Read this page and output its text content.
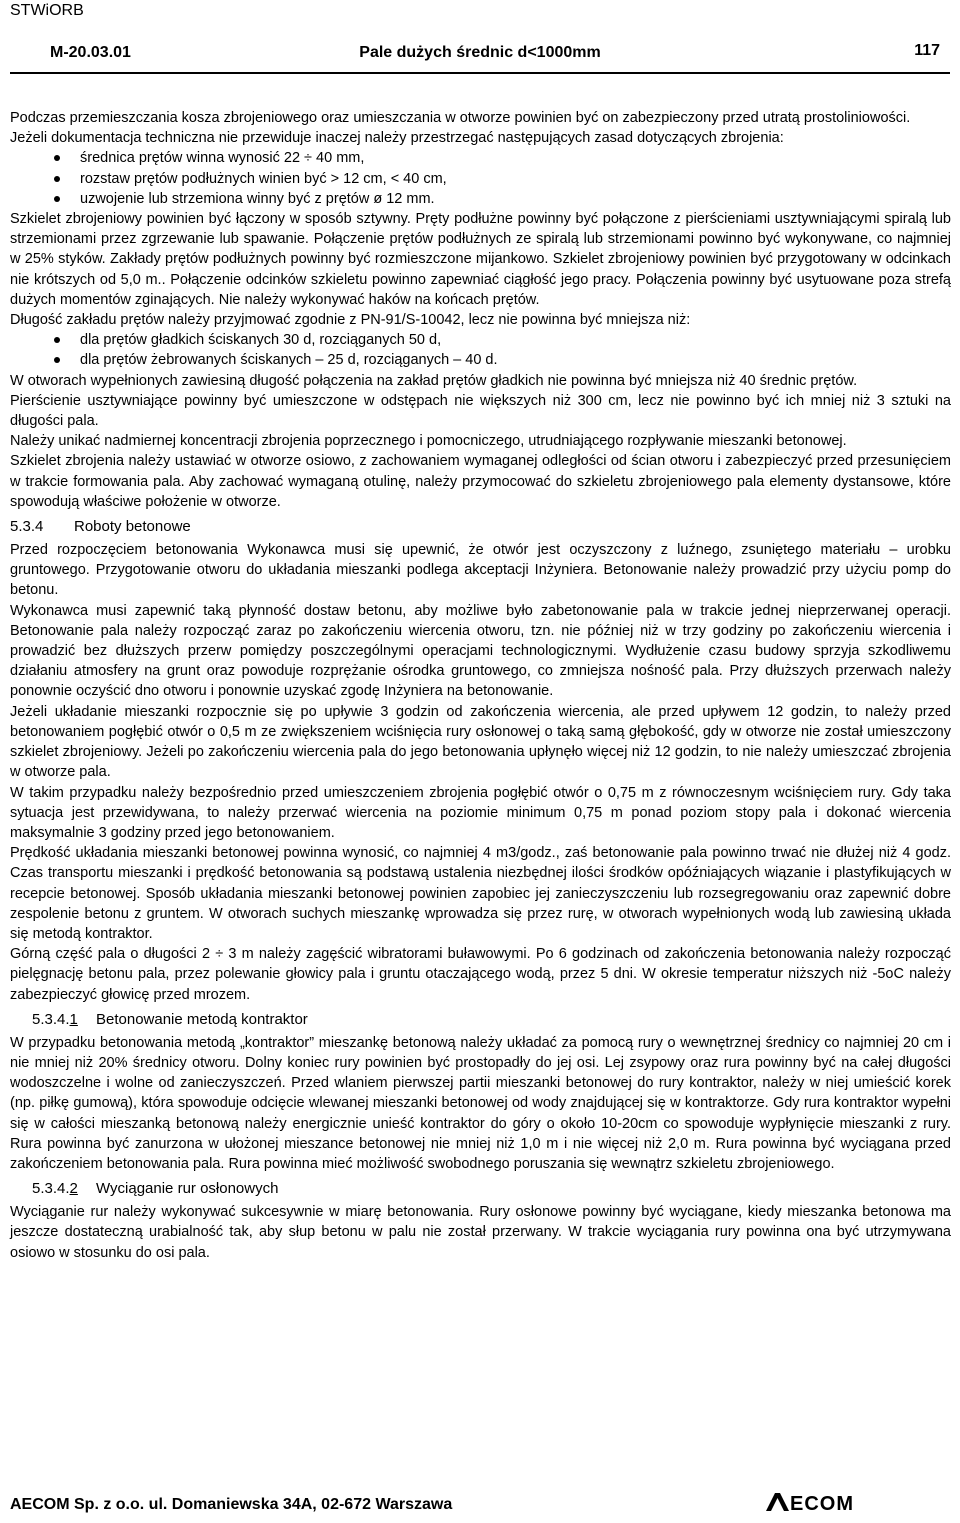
STWiORB
M-20.03.01	Pale dużych średnic d<1000mm	117

Podczas przemieszczania kosza zbrojeniowego oraz umieszczania w otworze powinien być on zabezpieczony przed utratą prostoliniowości.

Jeżeli dokumentacja techniczna nie przewiduje inaczej należy przestrzegać następujących zasad dotyczących zbrojenia:

średnica prętów winna wynosić 22 ÷ 40 mm,
rozstaw prętów podłużnych winien być > 12 cm, < 40 cm,
uzwojenie lub strzemiona winny być z prętów ø 12 mm.

Szkielet zbrojeniowy powinien być łączony w sposób sztywny. Pręty podłużne powinny być połączone z pierścieniami usztywniającymi spiralą lub strzemionami przez zgrzewanie lub spawanie. Połączenie prętów podłużnych ze spiralą lub strzemionami powinno być wykonywane, co najmniej w 25% styków. Zakłady prętów podłużnych powinny być rozmieszczone mijankowo. Szkielet zbrojeniowy powinien być przygotowany w odcinkach nie krótszych od 5,0 m.. Połączenie odcinków szkieletu powinno zapewniać ciągłość jego pracy. Połączenia powinny być usytuowane poza strefą dużych momentów zginających. Nie należy wykonywać haków na końcach prętów.

Długość zakładu prętów należy przyjmować zgodnie z PN-91/S-10042, lecz nie powinna być mniejsza niż:

dla prętów gładkich ściskanych 30 d, rozciąganych 50 d,
dla prętów żebrowanych ściskanych – 25 d, rozciąganych – 40 d.

W otworach wypełnionych zawiesiną długość połączenia na zakład prętów gładkich nie powinna być mniejsza niż 40 średnic prętów.

Pierścienie usztywniające powinny być umieszczone w odstępach nie większych niż 300 cm, lecz nie powinno być ich mniej niż 3 sztuki na długości pala.

Należy unikać nadmiernej koncentracji zbrojenia poprzecznego i pomocniczego, utrudniającego rozpływanie mieszanki betonowej.

Szkielet zbrojenia należy ustawiać w otworze osiowo, z zachowaniem wymaganej odległości od ścian otworu i zabezpieczyć przed przesunięciem w trakcie formowania pala. Aby zachować wymaganą otulinę, należy przymocować do szkieletu zbrojeniowego pala elementy dystansowe, które spowodują właściwe położenie w otworze.

5.3.4 Roboty betonowe

Przed rozpoczęciem betonowania Wykonawca musi się upewnić, że otwór jest oczyszczony z luźnego, zsuniętego materiału – urobku gruntowego. Przygotowanie otworu do układania mieszanki podlega akceptacji Inżyniera. Betonowanie należy prowadzić przy użyciu pomp do betonu.

Wykonawca musi zapewnić taką płynność dostaw betonu, aby możliwe było zabetonowanie pala w trakcie jednej nieprzerwanej operacji. Betonowanie pala należy rozpocząć zaraz po zakończeniu wiercenia otworu, tzn. nie później niż w trzy godziny po zakończeniu wiercenia i prowadzić bez dłuższych przerw pomiędzy poszczególnymi operacjami technologicznymi. Wydłużenie czasu budowy sprzyja szkodliwemu działaniu atmosfery na grunt oraz powoduje rozprężanie ośrodka gruntowego, co zmniejsza nośność pala. Przy dłuższych przerwach należy ponownie oczyścić dno otworu i ponownie uzyskać zgodę Inżyniera na betonowanie.

Jeżeli układanie mieszanki rozpocznie się po upływie 3 godzin od zakończenia wiercenia, ale przed upływem 12 godzin, to należy przed betonowaniem pogłębić otwór o 0,5 m ze zwiększeniem wciśnięcia rury osłonowej o taką samą głębokość, gdy w otworze nie został umieszczony szkielet zbrojeniowy. Jeżeli po zakończeniu wiercenia pala do jego betonowania upłynęło więcej niż 12 godzin, to nie należy umieszczać zbrojenia w otworze pala.

W takim przypadku należy bezpośrednio przed umieszczeniem zbrojenia pogłębić otwór o 0,75 m z równoczesnym wciśnięciem rury. Gdy taka sytuacja jest przewidywana, to należy przerwać wiercenia na poziomie minimum 0,75 m ponad poziom stopy pala i dokonać wiercenia maksymalnie 3 godziny przed jego betonowaniem.

Prędkość układania mieszanki betonowej powinna wynosić, co najmniej 4 m3/godz., zaś betonowanie pala powinno trwać nie dłużej niż 4 godz. Czas transportu mieszanki i prędkość betonowania są podstawą ustalenia niezbędnej ilości środków opóźniających wiązanie i plastyfikujących w recepcie betonowej. Sposób układania mieszanki betonowej powinien zapobiec jej zanieczyszczeniu lub rozsegregowaniu oraz zapewnić dobre zespolenie betonu z gruntem. W otworach suchych mieszankę wprowadza się przez rurę, w otworach wypełnionych wodą lub zawiesiną układa się metodą kontraktor.

Górną część pala o długości 2 ÷ 3 m należy zagęścić wibratorami buławowymi. Po 6 godzinach od zakończenia betonowania należy rozpocząć pielęgnację betonu pala, przez polewanie głowicy pala i gruntu otaczającego wodą, przez 5 dni. W okresie temperatur niższych niż -5oC należy zabezpieczyć głowicę przed mrozem.

5.3.4.1 Betonowanie metodą kontraktor

W przypadku betonowania metodą „kontraktor” mieszankę betonową należy układać za pomocą rury o wewnętrznej średnicy co najmniej 20 cm i nie mniej niż 20% średnicy otworu. Dolny koniec rury powinien być prostopadły do jej osi. Lej zsypowy oraz rura powinny być na całej długości wodoszczelne i wolne od zanieczyszczeń. Przed wlaniem pierwszej partii mieszanki betonowej do rury kontraktor, należy w niej umieścić korek (np. piłkę gumową), która spowoduje odcięcie wlewanej mieszanki betonowej od wody znajdującej się w kontraktorze. Gdy rura kontraktor wypełni się w całości mieszanką betonową należy energicznie unieść kontraktor do góry o około 10-20cm co spowoduje wypłynięcie mieszanki z rury. Rura powinna być zanurzona w ułożonej mieszance betonowej nie mniej niż 1,0 m i nie więcej niż 2,0 m. Rura powinna być wyciągana przed zakończeniem betonowania pala. Rura powinna mieć możliwość swobodnego poruszania się wewnątrz szkieletu zbrojeniowego.

5.3.4.2 Wyciąganie rur osłonowych

Wyciąganie rur należy wykonywać sukcesywnie w miarę betonowania. Rury osłonowe powinny być wyciągane, kiedy mieszanka betonowa ma jeszcze dostateczną urabialność tak, aby słup betonu w palu nie został przerwany. W trakcie wyciągania rury powinna ona być utrzymywana osiowo w stosunku do osi pala.

AECOM Sp. z o.o. ul. Domaniewska 34A, 02-672 Warszawa	ECOM
